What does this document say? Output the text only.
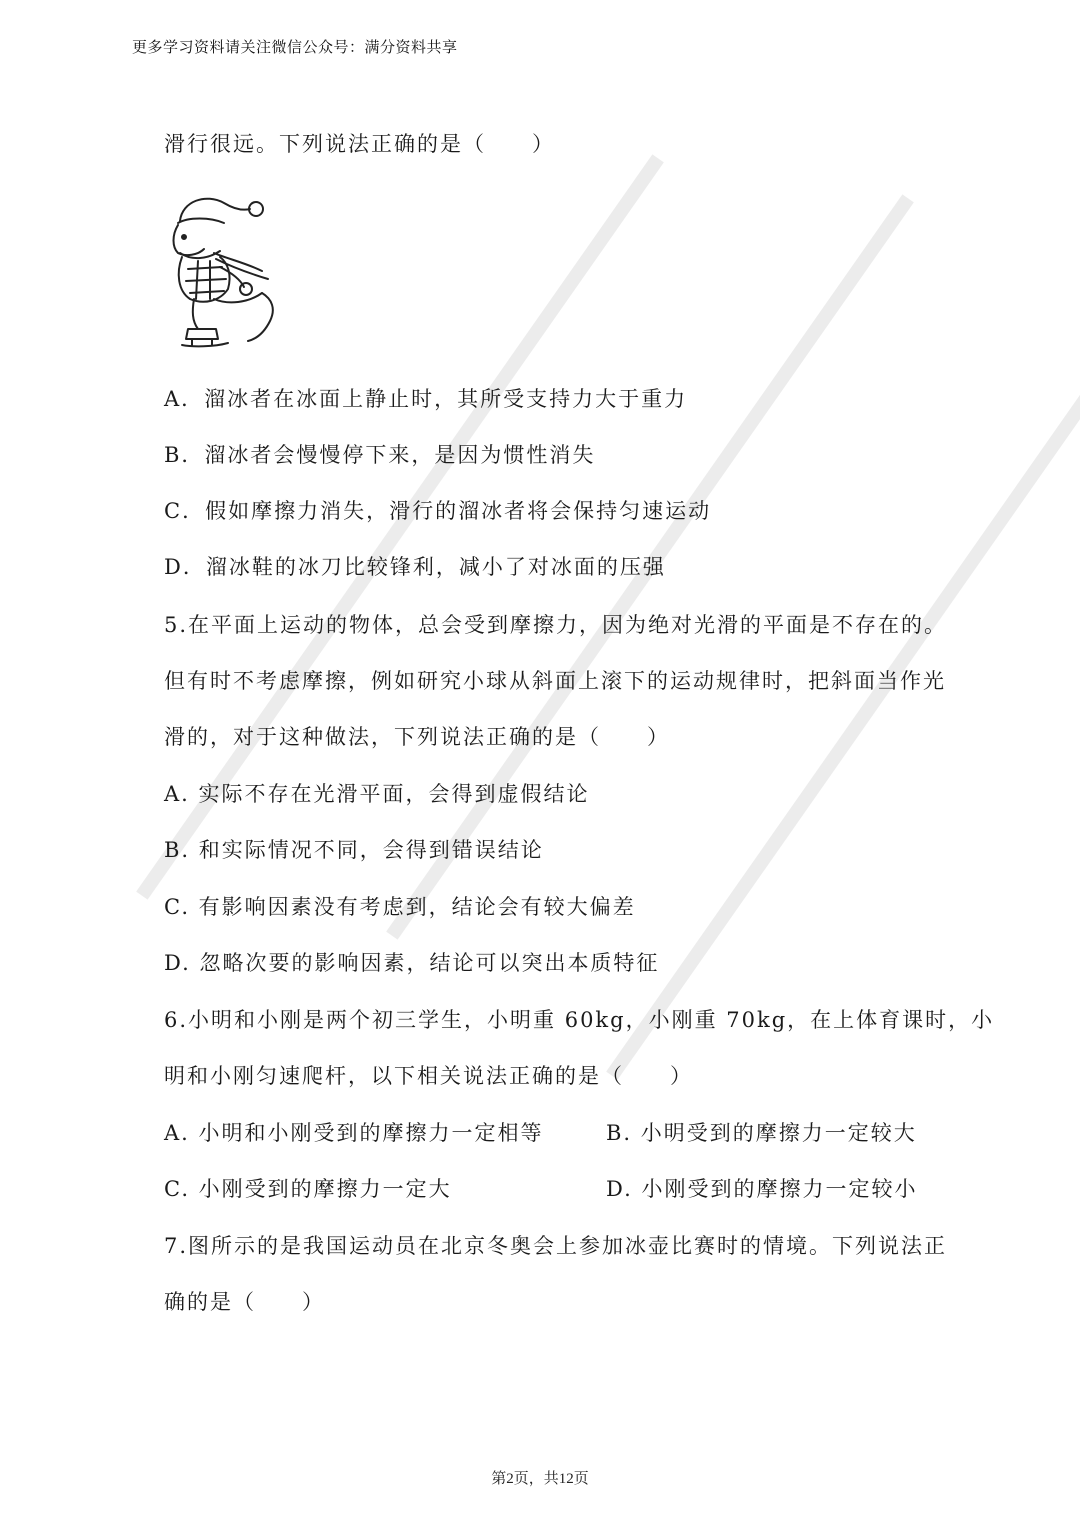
更多学习资料请关注微信公众号：满分资料共享
滑行很远。下列说法正确的是（　　）
A．溜冰者在冰面上静止时，其所受支持力大于重力
B．溜冰者会慢慢停下来，是因为惯性消失
C．假如摩擦力消失，滑行的溜冰者将会保持匀速运动
D．溜冰鞋的冰刀比较锋利，减小了对冰面的压强
5.在平面上运动的物体，总会受到摩擦力，因为绝对光滑的平面是不存在的。
但有时不考虑摩擦，例如研究小球从斜面上滚下的运动规律时，把斜面当作光
滑的，对于这种做法，下列说法正确的是（　　）
A. 实际不存在光滑平面，会得到虚假结论
B. 和实际情况不同，会得到错误结论
C. 有影响因素没有考虑到，结论会有较大偏差
D. 忽略次要的影响因素，结论可以突出本质特征
6.小明和小刚是两个初三学生，小明重 60kg，小刚重 70kg，在上体育课时，小
明和小刚匀速爬杆，以下相关说法正确的是（　　）
A. 小明和小刚受到的摩擦力一定相等	B. 小明受到的摩擦力一定较大
C. 小刚受到的摩擦力一定大	D. 小刚受到的摩擦力一定较小
7.图所示的是我国运动员在北京冬奥会上参加冰壶比赛时的情境。下列说法正
确的是（　　）
第2页，共12页
